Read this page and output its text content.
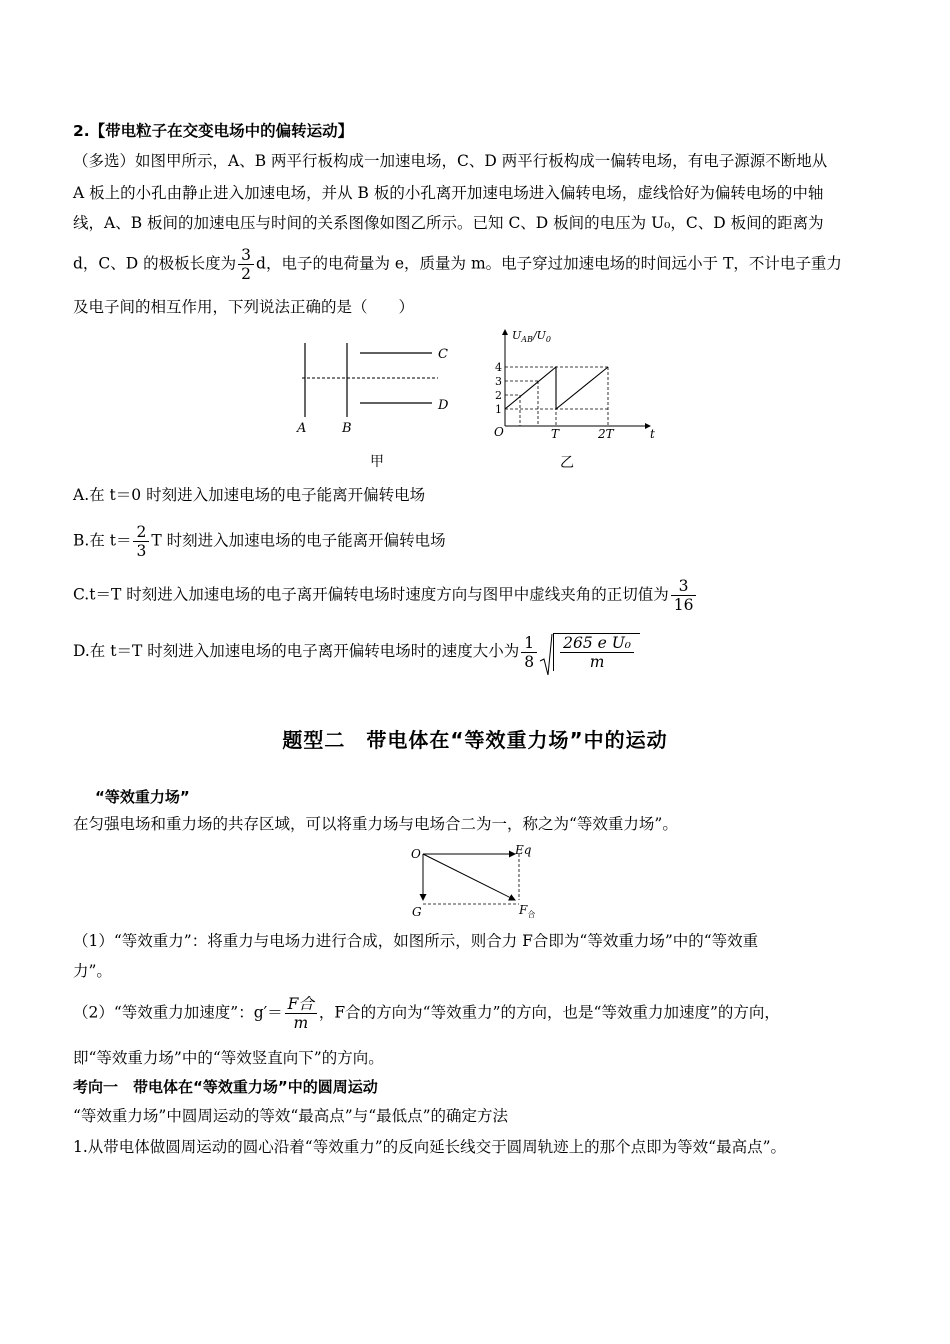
2.【带电粒子在交变电场中的偏转运动】
（多选）如图甲所示，A、B 两平行板构成一加速电场，C、D 两平行板构成一偏转电场，有电子源源不断地从
A 板上的小孔由静止进入加速电场，并从 B 板的小孔离开加速电场进入偏转电场，虚线恰好为偏转电场的中轴
线，A、B 板间的加速电压与时间的关系图像如图乙所示。已知 C、D 板间的电压为 U₀，C、D 板间的距离为
d，C、D 的极板长度为 $\frac{3}{2}$ d，电子的电荷量为 e，质量为 m。电子穿过加速电场的时间远小于 T，不计电子重力
及电子间的相互作用，下列说法正确的是（　　）
A	B
C
D
甲
$U_{AB}/U_0$
4
3
2
1
O	T	2T	t
乙
A.在 t＝0 时刻进入加速电场的电子能离开偏转电场
B.在 $t= \frac{2}{3}$ T 时刻进入加速电场的电子能离开偏转电场
C.t＝T 时刻进入加速电场的电子离开偏转电场时速度方向与图甲中虚线夹角的正切值为 $\frac{3}{16}$
D.在 t＝T 时刻进入加速电场的电子离开偏转电场时的速度大小为 $\frac{1}{8} \frac{\text{265 e U₀}}{m}$
题型二　带电体在“等效重力场”中的运动
“等效重力场”
在匀强电场和重力场的共存区域，可以将重力场与电场合二为一，称之为“等效重力场”。
O	Eq
G	$F_合$
（1）“等效重力”：将重力与电场力进行合成，如图所示，则合力 F合即为“等效重力场”中的“等效重
力”。
（2）“等效重力加速度”：$g'= \frac{\text{F合}}{m}$ ，F合的方向为“等效重力”的方向，也是“等效重力加速度”的方向，
即“等效重力场”中的“等效竖直向下”的方向。
考向一　带电体在“等效重力场”中的圆周运动
“等效重力场”中圆周运动的等效“最高点”与“最低点”的确定方法
1.从带电体做圆周运动的圆心沿着“等效重力”的反向延长线交于圆周轨迹上的那个点即为等效“最高点”。
